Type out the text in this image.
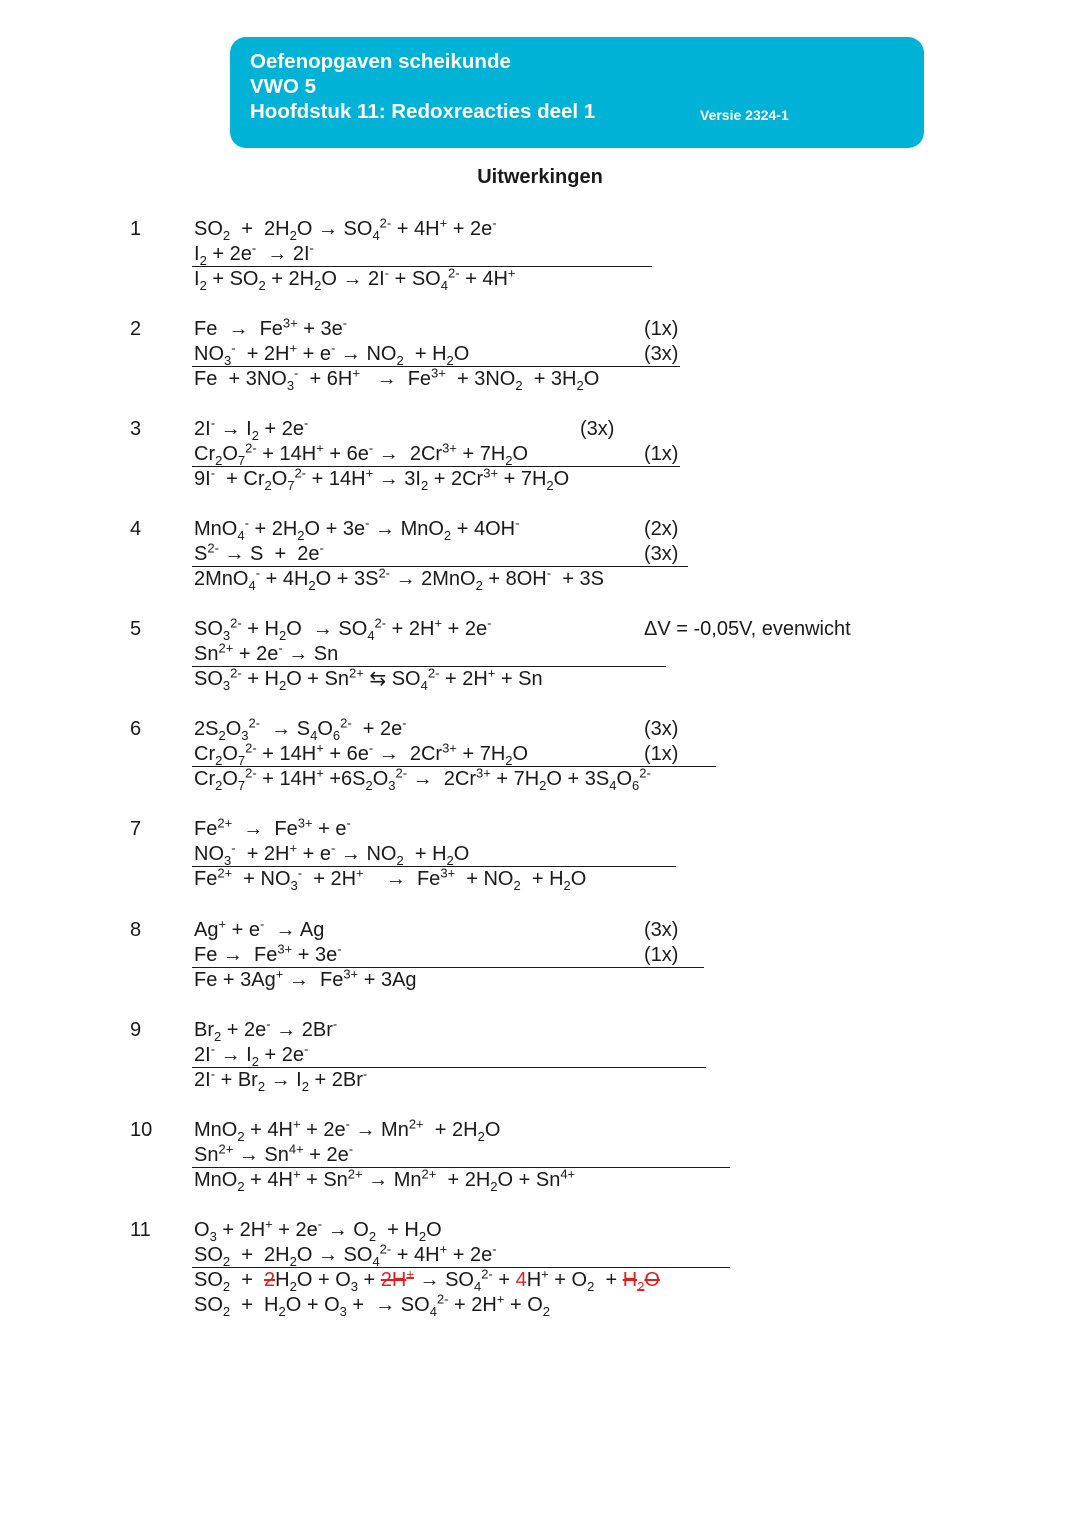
Oefenopgaven scheikunde
VWO 5
Hoofdstuk 11: Redoxreacties deel 1	Versie 2324-1
Uitwerkingen
1	$SO_2 + 2H_2O \to SO_4^{2-} + 4H^+ + 2e^-$
$I_2 + 2e^- \to 2I^-$
$I_2 + SO_2 + 2H_2O \to 2I^- + SO_4^{2-} + 4H^+$
2	$Fe \to Fe^{3+} + 3e^-$	(1x)
$NO_3^- + 2H^+ + e^- \to NO_2 + H_2O$	(3x)
$Fe + 3NO_3^- + 6H^+ \to Fe^{3+} + 3NO_2 + 3H_2O$
3	$2I^- \to I_2 + 2e^-$	(3x)
$Cr_2O_7^{2-} + 14H^+ + 6e^- \to 2Cr^{3+} + 7H_2O$	(1x)
$9I^- + Cr_2O_7^{2-} + 14H^+ \to 3I_2 + 2Cr^{3+} + 7H_2O$
4	$MnO_4^- + 2H_2O + 3e^- \to MnO_2 + 4OH^-$	(2x)
$S^{2-} \to S + 2e^-$	(3x)
$2MnO_4^- + 4H_2O + 3S^{2-} \to 2MnO_2 + 8OH^- + 3S$
5	$SO_3^{2-} + H_2O \to SO_4^{2-} + 2H^+ + 2e^-$	ΔV = -0,05V, evenwicht
$Sn^{2+} + 2e^- \to Sn$
$SO_3^{2-} + H_2O + Sn^{2+}$ ⇆ $SO_4^{2-} + 2H^+ + Sn$
6	$2S_2O_3^{2-} \to S_4O_6^{2-} + 2e^-$	(3x)
$Cr_2O_7^{2-} + 14H^+ + 6e^- \to 2Cr^{3+} + 7H_2O$	(1x)
$Cr_2O_7^{2-} + 14H^+ +6S_2O_3^{2-} \to 2Cr^{3+} + 7H_2O + 3S_4O_6^{2-}$
7	$Fe^{2+} \to Fe^{3+} + e^-$
$NO_3^- + 2H^+ + e^- \to NO_2 + H_2O$
$Fe^{2+} + NO_3^- + 2H^+$    →  $Fe^{3+} + NO_2 + H_2O$
8	Ag+ + e-  → Ag	(3x)
$Fe \to Fe^{3+} + 3e^-$	(1x)
$Fe + 3Ag^+ \to Fe^{3+} + 3Ag$
9	$Br_2 + 2e^- \to 2Br^-$
$2I^- \to I_2 + 2e^-$
$2I^- + Br_2 \to I_2 + 2Br^-$
10 $MnO_2 + 4H^+ + 2e^- \to Mn^{2+} + 2H_2O$
$Sn^{2+} \to Sn^{4+} + 2e^-$
$MnO_2 + 4H^+ + Sn^{2+} \to Mn^{2+} + 2H_2O + Sn^{4+}$
11 $O_3 + 2H^+ + 2e^- \to O_2 + H_2O$
$SO_2 + 2H_2O \to SO_4^{2-} + 4H^+ + 2e^-$
$SO_2 + 2H_2O + O_3 + 2H^+ \to SO_4^{2-} + 4H^+ + O_2 + H_2O$
$SO_2 + H_2O + O_3$ +  → $SO_4^{2-} + 2H^+ + O_2$
